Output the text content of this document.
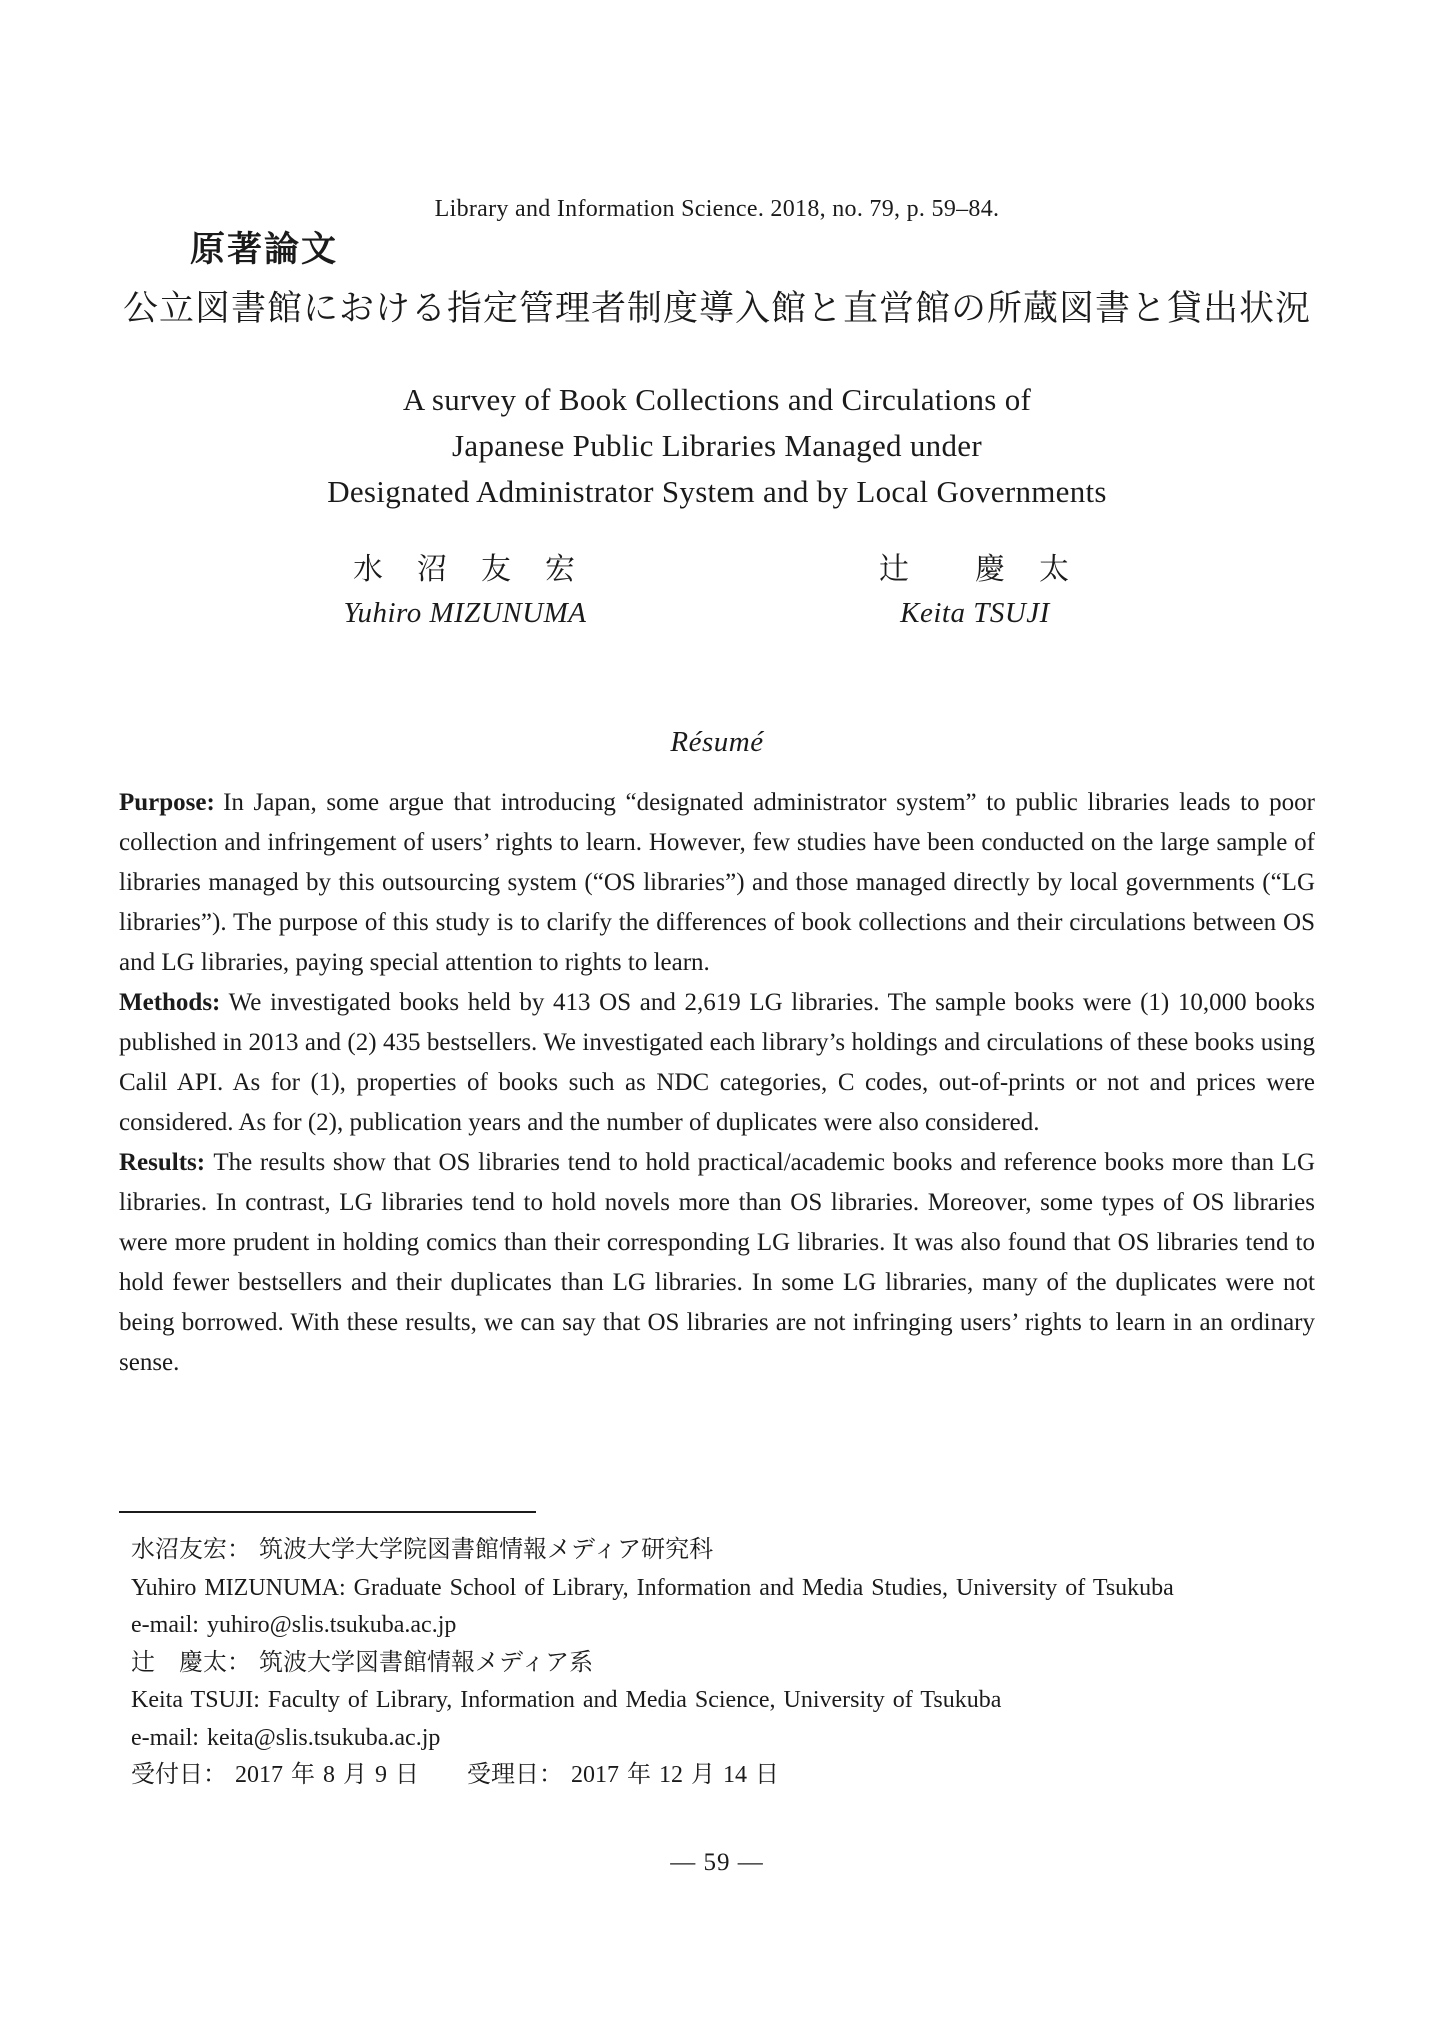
Library and Information Science. 2018, no. 79, p. 59–84.
原著論文
公立図書館における指定管理者制度導入館と直営館の所蔵図書と貸出状況
A survey of Book Collections and Circulations of
Japanese Public Libraries Managed under
Designated Administrator System and by Local Governments
水　沼　友　宏
Yuhiro MIZUNUMA
辻　　慶　太
Keita TSUJI
Résumé

Purpose: In Japan, some argue that introducing “designated administrator system” to public libraries leads to poor collection and infringement of users’ rights to learn. However, few studies have been conducted on the large sample of libraries managed by this outsourcing system (“OS libraries”) and those managed directly by local governments (“LG libraries”). The purpose of this study is to clarify the differences of book collections and their circulations between OS and LG libraries, paying special attention to rights to learn.

Methods: We investigated books held by 413 OS and 2,619 LG libraries. The sample books were (1) 10,000 books published in 2013 and (2) 435 bestsellers. We investigated each library’s holdings and circulations of these books using Calil API. As for (1), properties of books such as NDC categories, C codes, out-of-prints or not and prices were considered. As for (2), publication years and the number of duplicates were also considered.

Results: The results show that OS libraries tend to hold practical/academic books and reference books more than LG libraries. In contrast, LG libraries tend to hold novels more than OS libraries. Moreover, some types of OS libraries were more prudent in holding comics than their corresponding LG libraries. It was also found that OS libraries tend to hold fewer bestsellers and their duplicates than LG libraries. In some LG libraries, many of the duplicates were not being borrowed. With these results, we can say that OS libraries are not infringing users’ rights to learn in an ordinary sense.

水沼友宏： 筑波大学大学院図書館情報メディア研究科
Yuhiro MIZUNUMA: Graduate School of Library, Information and Media Studies, University of Tsukuba
e-mail: yuhiro@slis.tsukuba.ac.jp
辻　慶太： 筑波大学図書館情報メディア系
Keita TSUJI: Faculty of Library, Information and Media Science, University of Tsukuba
e-mail: keita@slis.tsukuba.ac.jp
受付日： 2017 年 8 月 9 日　　受理日： 2017 年 12 月 14 日
— 59 —
